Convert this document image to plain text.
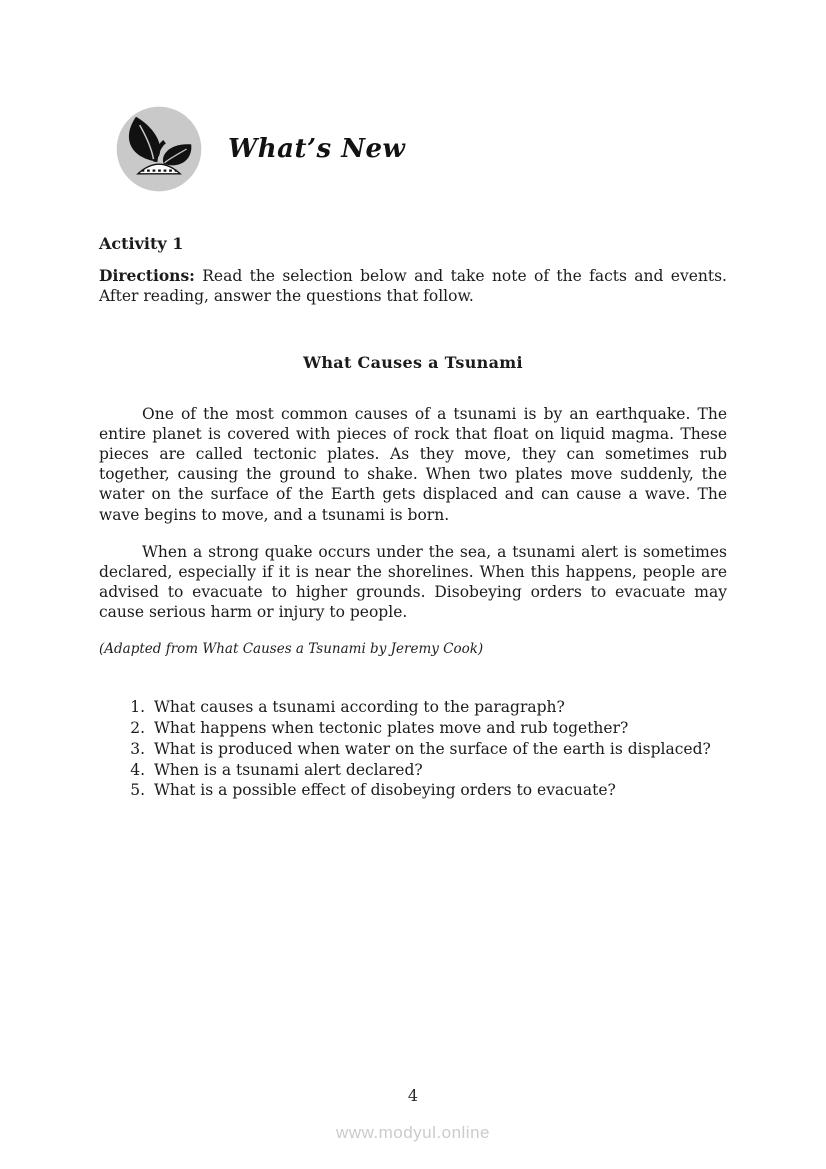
What’s New
Activity 1

Directions: Read the selection below and take note of the facts and events. After reading, answer the questions that follow.

What Causes a Tsunami

One of the most common causes of a tsunami is by an earthquake. The entire planet is covered with pieces of rock that float on liquid magma. These pieces are called tectonic plates. As they move, they can sometimes rub together, causing the ground to shake. When two plates move suddenly, the water on the surface of the Earth gets displaced and can cause a wave. The wave begins to move, and a tsunami is born.

When a strong quake occurs under the sea, a tsunami alert is sometimes declared, especially if it is near the shorelines. When this happens, people are advised to evacuate to higher grounds. Disobeying orders to evacuate may cause serious harm or injury to people.

(Adapted from What Causes a Tsunami by Jeremy Cook)
1. What causes a tsunami according to the paragraph?
2. What happens when tectonic plates move and rub together?
3. What is produced when water on the surface of the earth is displaced?
4. When is a tsunami alert declared?
5. What is a possible effect of disobeying orders to evacuate?
4
www.modyul.online
